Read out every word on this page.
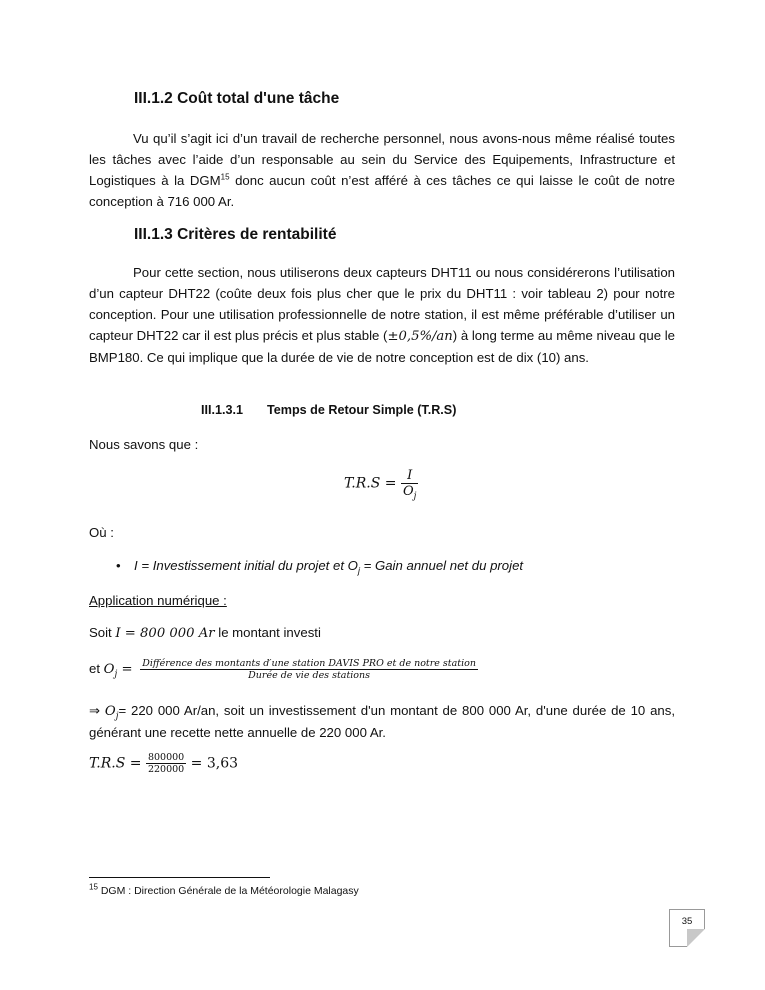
III.1.2 Coût total d'une tâche
Vu qu’il s’agit ici d’un travail de recherche personnel, nous avons-nous même réalisé toutes les tâches avec l’aide d’un responsable au sein du Service des Equipements, Infrastructure et Logistiques à la DGM$^{15}$ donc aucun coût n’est afféré à ces tâches ce qui laisse le coût de notre conception à 716 000 Ar.
III.1.3 Critères de rentabilité
Pour cette section, nous utiliserons deux capteurs DHT11 ou nous considérerons l’utilisation d’un capteur DHT22 (coûte deux fois plus cher que le prix du DHT11 : voir tableau 2) pour notre conception. Pour une utilisation professionnelle de notre station, il est même préférable d’utiliser un capteur DHT22 car il est plus précis et plus stable (±0,5%/an) à long terme au même niveau que le BMP180. Ce qui implique que la durée de vie de notre conception est de dix (10) ans.
III.1.3.1 Temps de Retour Simple (T.R.S)
Nous savons que :
$T.R.S = \frac{I}{O_j}$
Où :
• I = Investissement initial du projet et $O_j$ = Gain annuel net du projet
Application numérique :
Soit I = 800 000 Ar le montant investi
et $O_j$ = Différence des montants d′une station DAVIS PRO et de notre station
Durée de vie des stations
⇒ $O_j= 220$ 000 Ar/an, soit un investissement d'un montant de 800 000 Ar, d'une durée de 10 ans, générant une recette nette annuelle de 220 000 Ar.
$T.R.S = \frac{800000}{220000} = 3,63$
$^{15}$ DGM : Direction Générale de la Météorologie Malagasy
35
